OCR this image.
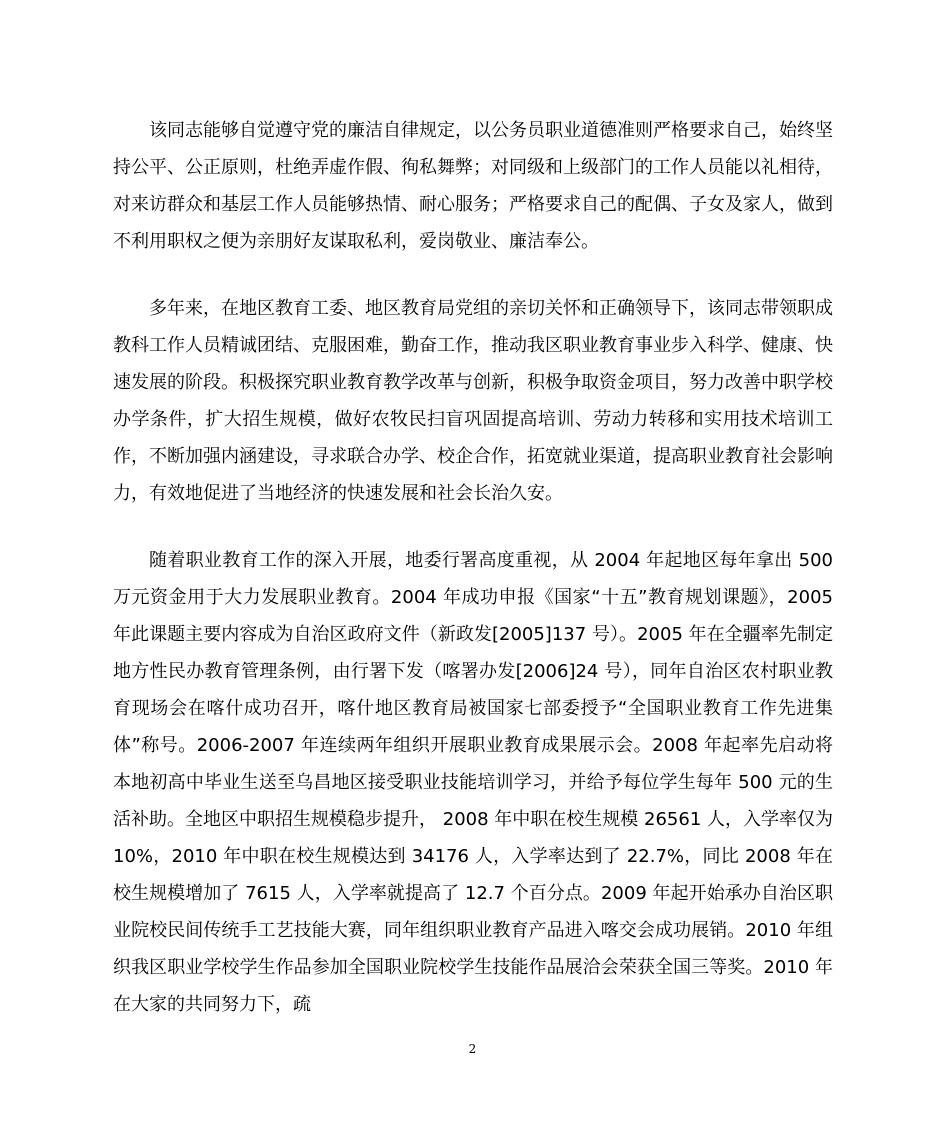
该同志能够自觉遵守党的廉洁自律规定，以公务员职业道德准则严格要求自己，始终坚持公平、公正原则，杜绝弄虚作假、徇私舞弊；对同级和上级部门的工作人员能以礼相待，对来访群众和基层工作人员能够热情、耐心服务；严格要求自己的配偶、子女及家人，做到不利用职权之便为亲朋好友谋取私利，爱岗敬业、廉洁奉公。

多年来，在地区教育工委、地区教育局党组的亲切关怀和正确领导下，该同志带领职成教科工作人员精诚团结、克服困难，勤奋工作，推动我区职业教育事业步入科学、健康、快速发展的阶段。积极探究职业教育教学改革与创新，积极争取资金项目，努力改善中职学校办学条件，扩大招生规模，做好农牧民扫盲巩固提高培训、劳动力转移和实用技术培训工作，不断加强内涵建设，寻求联合办学、校企合作，拓宽就业渠道，提高职业教育社会影响力，有效地促进了当地经济的快速发展和社会长治久安。

随着职业教育工作的深入开展，地委行署高度重视，从 2004 年起地区每年拿出 500 万元资金用于大力发展职业教育。2004 年成功申报《国家“十五”教育规划课题》，2005 年此课题主要内容成为自治区政府文件（新政发[2005]137 号）。2005 年在全疆率先制定地方性民办教育管理条例，由行署下发（喀署办发[2006]24 号），同年自治区农村职业教育现场会在喀什成功召开，喀什地区教育局被国家七部委授予“全国职业教育工作先进集体”称号。2006-2007 年连续两年组织开展职业教育成果展示会。2008 年起率先启动将本地初高中毕业生送至乌昌地区接受职业技能培训学习，并给予每位学生每年 500 元的生活补助。全地区中职招生规模稳步提升， 2008 年中职在校生规模 26561 人，入学率仅为 10%，2010 年中职在校生规模达到 34176 人，入学率达到了 22.7%，同比 2008 年在校生规模增加了 7615 人，入学率就提高了 12.7 个百分点。2009 年起开始承办自治区职业院校民间传统手工艺技能大赛，同年组织职业教育产品进入喀交会成功展销。2010 年组织我区职业学校学生作品参加全国职业院校学生技能作品展洽会荣获全国三等奖。2010 年在大家的共同努力下，疏

2
